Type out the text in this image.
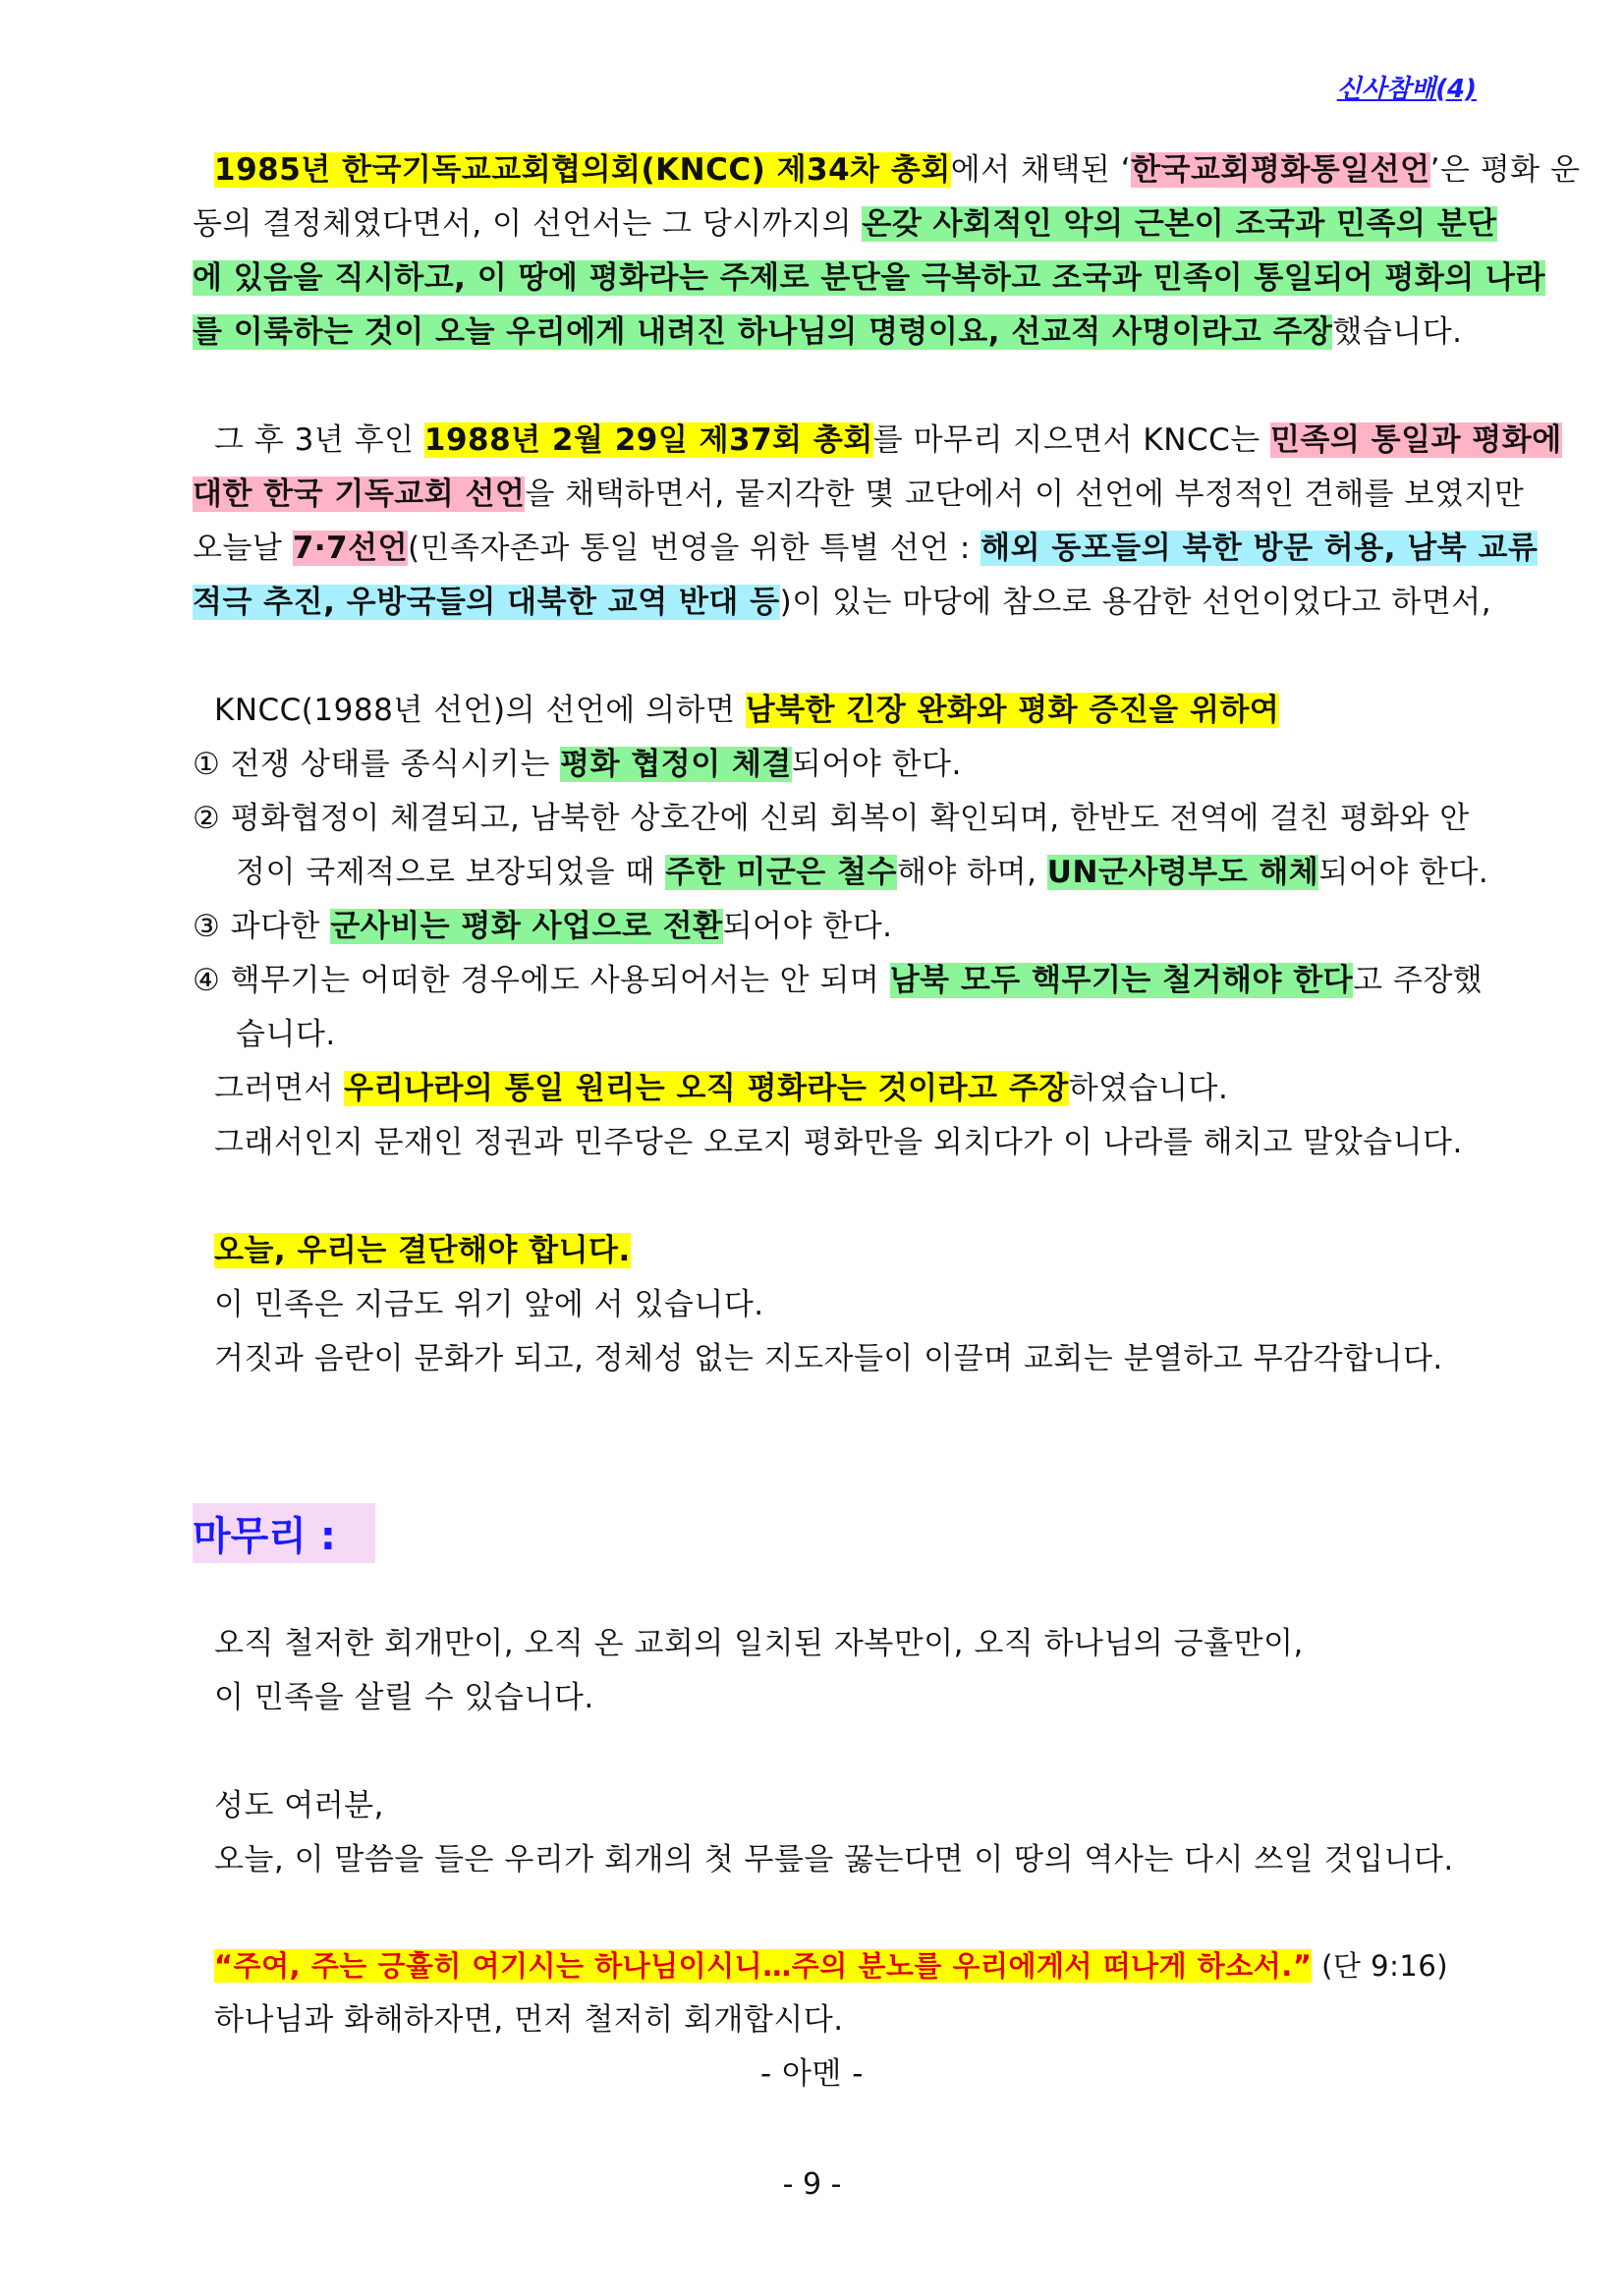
신사참배(4)
1985년 한국기독교교회협의회(KNCC) 제34차 총회에서 채택된 ‘한국교회평화통일선언’은 평화 운
동의 결정체였다면서, 이 선언서는 그 당시까지의 온갖 사회적인 악의 근본이 조국과 민족의 분단
에 있음을 직시하고, 이 땅에 평화라는 주제로 분단을 극복하고 조국과 민족이 통일되어 평화의 나라
를 이룩하는 것이 오늘 우리에게 내려진 하나님의 명령이요, 선교적 사명이라고 주장했습니다.
그 후 3년 후인 1988년 2월 29일 제37회 총회를 마무리 지으면서 KNCC는 민족의 통일과 평화에
대한 한국 기독교회 선언을 채택하면서, 뭍지각한 몇 교단에서 이 선언에 부정적인 견해를 보였지만
오늘날 7·7선언(민족자존과 통일 번영을 위한 특별 선언 : 해외 동포들의 북한 방문 허용, 남북 교류
적극 추진, 우방국들의 대북한 교역 반대 등)이 있는 마당에 참으로 용감한 선언이었다고 하면서,
KNCC(1988년 선언)의 선언에 의하면 남북한 긴장 완화와 평화 증진을 위하여
① 전쟁 상태를 종식시키는 평화 협정이 체결되어야 한다.
② 평화협정이 체결되고, 남북한 상호간에 신뢰 회복이 확인되며, 한반도 전역에 걸친 평화와 안
정이 국제적으로 보장되었을 때 주한 미군은 철수해야 하며, UN군사령부도 해체되어야 한다.
③ 과다한 군사비는 평화 사업으로 전환되어야 한다.
④ 핵무기는 어떠한 경우에도 사용되어서는 안 되며 남북 모두 핵무기는 철거해야 한다고 주장했
습니다.
그러면서 우리나라의 통일 원리는 오직 평화라는 것이라고 주장하였습니다.
그래서인지 문재인 정권과 민주당은 오로지 평화만을 외치다가 이 나라를 해치고 말았습니다.
오늘, 우리는 결단해야 합니다.
이 민족은 지금도 위기 앞에 서 있습니다.
거짓과 음란이 문화가 되고, 정체성 없는 지도자들이 이끌며 교회는 분열하고 무감각합니다.
마무리 :
오직 철저한 회개만이, 오직 온 교회의 일치된 자복만이, 오직 하나님의 긍휼만이,
이 민족을 살릴 수 있습니다.
성도 여러분,
오늘, 이 말씀을 들은 우리가 회개의 첫 무릎을 꿇는다면 이 땅의 역사는 다시 쓰일 것입니다.
“주여, 주는 긍휼히 여기시는 하나님이시니…주의 분노를 우리에게서 떠나게 하소서.” (단 9:16)
하나님과 화해하자면, 먼저 철저히 회개합시다.
- 아멘 -
- 9 -
